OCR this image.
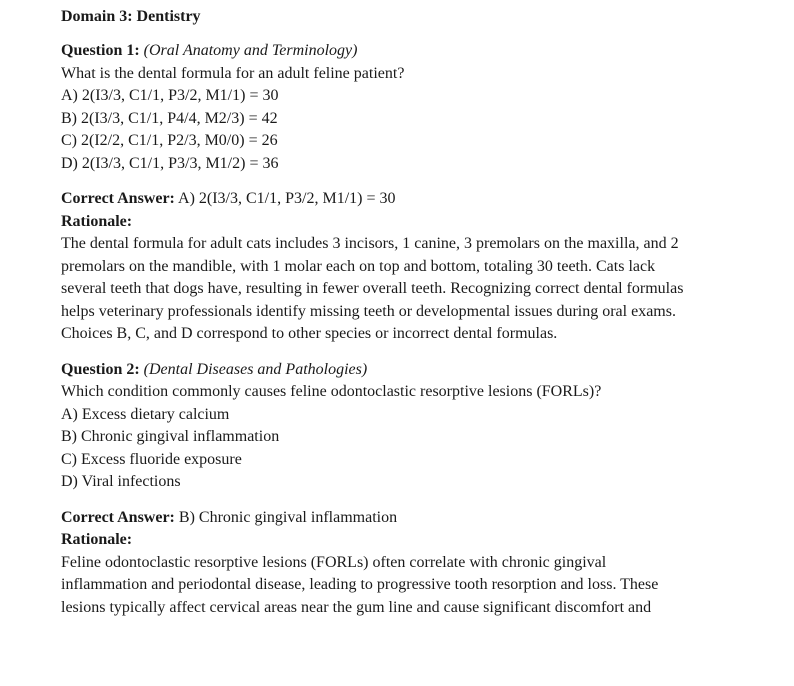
Domain 3: Dentistry

Question 1: (Oral Anatomy and Terminology)

What is the dental formula for an adult feline patient?

A) 2(I3/3, C1/1, P3/2, M1/1) = 30

B) 2(I3/3, C1/1, P4/4, M2/3) = 42

C) 2(I2/2, C1/1, P2/3, M0/0) = 26

D) 2(I3/3, C1/1, P3/3, M1/2) = 36

Correct Answer: A) 2(I3/3, C1/1, P3/2, M1/1) = 30

Rationale:

The dental formula for adult cats includes 3 incisors, 1 canine, 3 premolars on the maxilla, and 2

premolars on the mandible, with 1 molar each on top and bottom, totaling 30 teeth. Cats lack

several teeth that dogs have, resulting in fewer overall teeth. Recognizing correct dental formulas

helps veterinary professionals identify missing teeth or developmental issues during oral exams.

Choices B, C, and D correspond to other species or incorrect dental formulas.

Question 2: (Dental Diseases and Pathologies)

Which condition commonly causes feline odontoclastic resorptive lesions (FORLs)?

A) Excess dietary calcium

B) Chronic gingival inflammation

C) Excess fluoride exposure

D) Viral infections

Correct Answer: B) Chronic gingival inflammation

Rationale:

Feline odontoclastic resorptive lesions (FORLs) often correlate with chronic gingival

inflammation and periodontal disease, leading to progressive tooth resorption and loss. These

lesions typically affect cervical areas near the gum line and cause significant discomfort and
